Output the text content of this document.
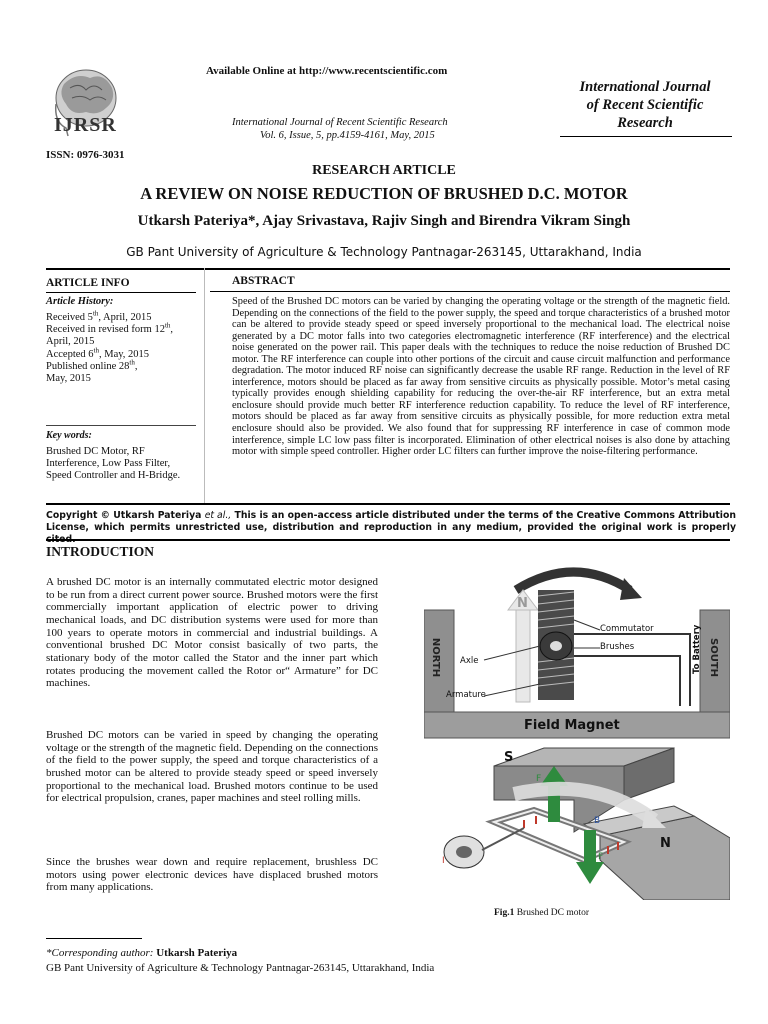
IJRSR
Available Online at http://www.recentscientific.com
International Journal of Recent Scientific Research
Vol. 6, Issue, 5, pp.4159-4161, May, 2015
ISSN: 0976-3031
International Journal
of Recent Scientific
Research
RESEARCH ARTICLE
A REVIEW ON NOISE REDUCTION OF BRUSHED D.C. MOTOR
Utkarsh Pateriya*, Ajay Srivastava, Rajiv Singh and Birendra Vikram Singh
GB Pant University of Agriculture & Technology Pantnagar-263145, Uttarakhand, India
ARTICLE INFO
Article History:
Received 5th, April, 2015
Received in revised form 12th,
April, 2015
Accepted 6th, May, 2015
Published online 28th,
May, 2015
Key words:
Brushed DC Motor, RF Interference, Low Pass Filter, Speed Controller and H-Bridge.
ABSTRACT
Speed of the Brushed DC motors can be varied by changing the operating voltage or the strength of the magnetic field. Depending on the connections of the field to the power supply, the speed and torque characteristics of a brushed motor can be altered to provide steady speed or speed inversely proportional to the mechanical load. The electrical noise generated by a DC motor falls into two categories electromagnetic interference (RF interference) and the electrical noise generated on the power rail. This paper deals with the techniques to reduce the noise reduction of Brushed DC motor. The RF interference can couple into other portions of the circuit and cause circuit malfunction and performance degradation. The motor induced RF noise can significantly decrease the usable RF range. Reduction in the level of RF interference, motors should be placed as far away from sensitive circuits as physically possible. Motor’s metal casing typically provides enough shielding capability for reducing the over-the-air RF interference, but an extra metal enclosure should provide much better RF interference reduction capability. To reduce the level of RF interference, motors should be placed as far away from sensitive circuits as physically possible, for more reduction extra metal enclosure should also be provided. We also found that for suppressing RF interference in case of common mode interference, simple LC low pass filter is incorporated. Elimination of other electrical noises is also done by attaching motor with simple speed controller. Higher order LC filters can further improve the noise-filtering performance.
Copyright © Utkarsh Pateriya et al., This is an open-access article distributed under the terms of the Creative Commons Attribution License, which permits unrestricted use, distribution and reproduction in any medium, provided the original work is properly
INTRODUCTION
A brushed DC motor is an internally commutated electric motor designed to be run from a direct current power source. Brushed motors were the first commercially important application of electric power to driving mechanical loads, and DC distribution systems were used for more than 100 years to operate motors in commercial and industrial buildings. A conventional brushed DC Motor consist basically of two parts, the stationary body of the motor called the Stator and the inner part which rotates producing the movement called the Rotor or“ Armature” for DC machines.
Brushed DC motors can be varied in speed by changing the operating voltage or the strength of the magnetic field. Depending on the connections of the field to the power supply, the speed and torque characteristics of a brushed motor can be altered to provide steady speed or speed inversely proportional to the mechanical load. Brushed motors continue to be used for electrical propulsion, cranes, paper machines and steel rolling mills.
Since the brushes wear down and require replacement, brushless DC motors using power electronic devices have displaced brushed motors from many applications.
NORTH	SOUTH
N
Commutator
Brushes
Axle
Armature
To Battery
Field Magnet
S
N
F
F
B
I
Fig.1 Brushed DC motor
*Corresponding author: Utkarsh Pateriya
GB Pant University of Agriculture & Technology Pantnagar-263145, Uttarakhand, India
